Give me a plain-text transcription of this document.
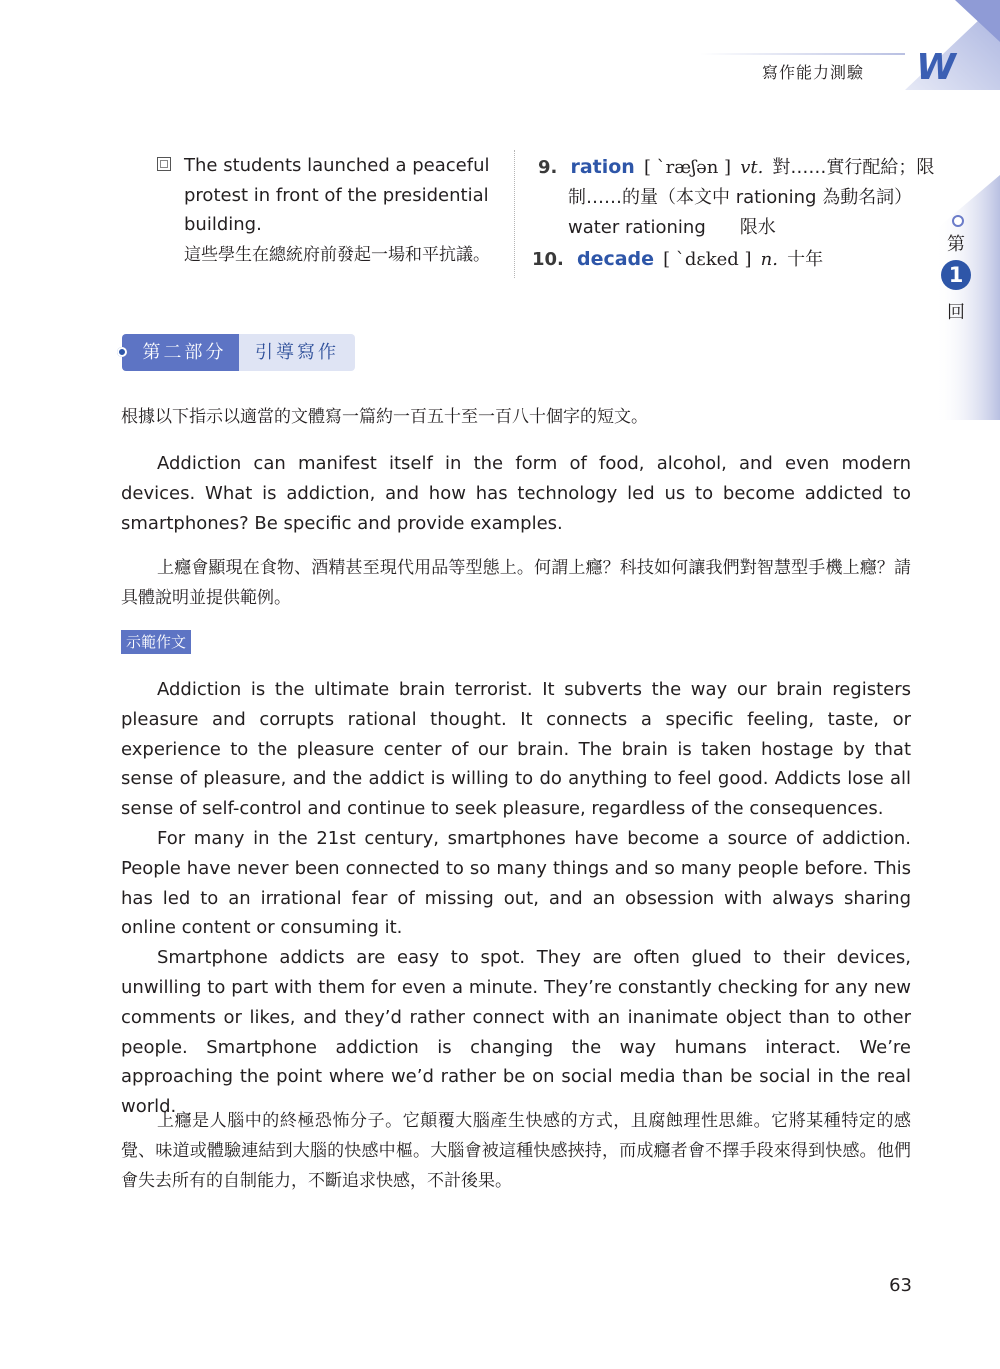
寫作能力測驗 W
第
1
回
The students launched a peaceful protest in front of the presidential building.
這些學生在總統府前發起一場和平抗議。
9. ration [ ˋræʃən ] vt. 對……實行配給；限
制……的量（本文中 rationing 為動名詞）
water rationing 限水
10. decade [ ˋdɛked ] n. 十年
第二部分	引導寫作
根據以下指示以適當的文體寫一篇約一百五十至一百八十個字的短文。
Addiction can manifest itself in the form of food, alcohol, and even modern devices. What is addiction, and how has technology led us to become addicted to smartphones? Be specific and provide examples.
上癮會顯現在食物、酒精甚至現代用品等型態上。何謂上癮？科技如何讓我們對智慧型手機上癮？請具體說明並提供範例。
示範作文

Addiction is the ultimate brain terrorist. It subverts the way our brain registers pleasure and corrupts rational thought. It connects a specific feeling, taste, or experience to the pleasure center of our brain. The brain is taken hostage by that sense of pleasure, and the addict is willing to do anything to feel good. Addicts lose all sense of self-control and continue to seek pleasure, regardless of the consequences.

For many in the 21st century, smartphones have become a source of addiction. People have never been connected to so many things and so many people before. This has led to an irrational fear of missing out, and an obsession with always sharing online content or consuming it.

Smartphone addicts are easy to spot. They are often glued to their devices, unwilling to part with them for even a minute. They’re constantly checking for any new comments or likes, and they’d rather connect with an inanimate object than to other people. Smartphone addiction is changing the way humans interact. We’re approaching the point where we’d rather be on social media than be social in the real world.

上癮是人腦中的終極恐怖分子。它顛覆大腦產生快感的方式，且腐蝕理性思維。它將某種特定的感覺、味道或體驗連結到大腦的快感中樞。大腦會被這種快感挾持，而成癮者會不擇手段來得到快感。他們會失去所有的自制能力，不斷追求快感，不計後果。
63
